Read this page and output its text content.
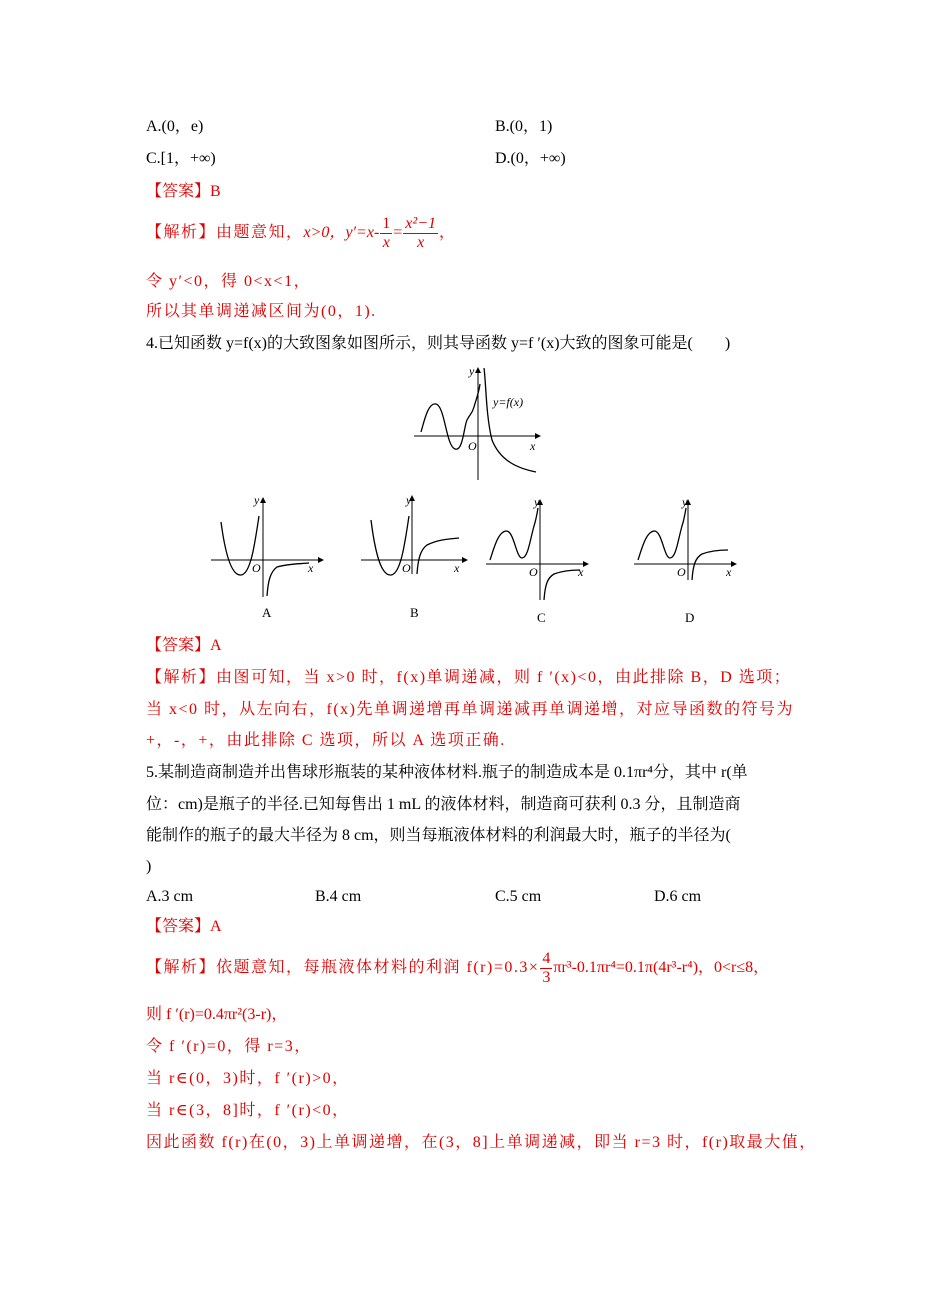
A.(0，e)	B.(0，1)
C.[1，+∞)	D.(0，+∞)
【答案】B
【解析】由题意知，x>0，$y'=x- \frac{1}{x} = \frac{\text{x²−1}}{x}$ ，
令 y′<0，得 0<x<1，
所以其单调递减区间为(0，1).
4.已知函数 y=f(x)的大致图象如图所示，则其导函数 y=f ′(x)大致的图象可能是(　　)
y
O	x
y=f(x)
y
O	x
A
y
O	x
B
y
O	x
C
y
O	x
D
【答案】A
【解析】由图可知，当 x>0 时，f(x)单调递减，则 f ′(x)<0，由此排除 B，D 选项；
当 x<0 时，从左向右，f(x)先单调递增再单调递减再单调递增，对应导函数的符号为
+，-，+，由此排除 C 选项，所以 A 选项正确.
5.某制造商制造并出售球形瓶装的某种液体材料.瓶子的制造成本是 0.1πr⁴分，其中 r(单
位：cm)是瓶子的半径.已知每售出 1 mL 的液体材料，制造商可获利 0.3 分，且制造商
能制作的瓶子的最大半径为 8 cm，则当每瓶液体材料的利润最大时，瓶子的半径为(
)
A.3 cm	B.4 cm	C.5 cm	D.6 cm
【答案】A
【解析】依题意知，每瓶液体材料的利润 $f(r)=0.3\times \frac{4}{3} \pi r^3-0.1\pi r^4=0.1\pi(4r^3-r^4)$，0<r≤8，
则 f ′(r)=0.4πr²(3-r)，
令 f ′(r)=0，得 r=3，
当 r∈(0，3)时，f ′(r)>0，
当 r∈(3，8]时，f ′(r)<0，
因此函数 f(r)在(0，3)上单调递增，在(3，8]上单调递减，即当 r=3 时，f(r)取最大值，
